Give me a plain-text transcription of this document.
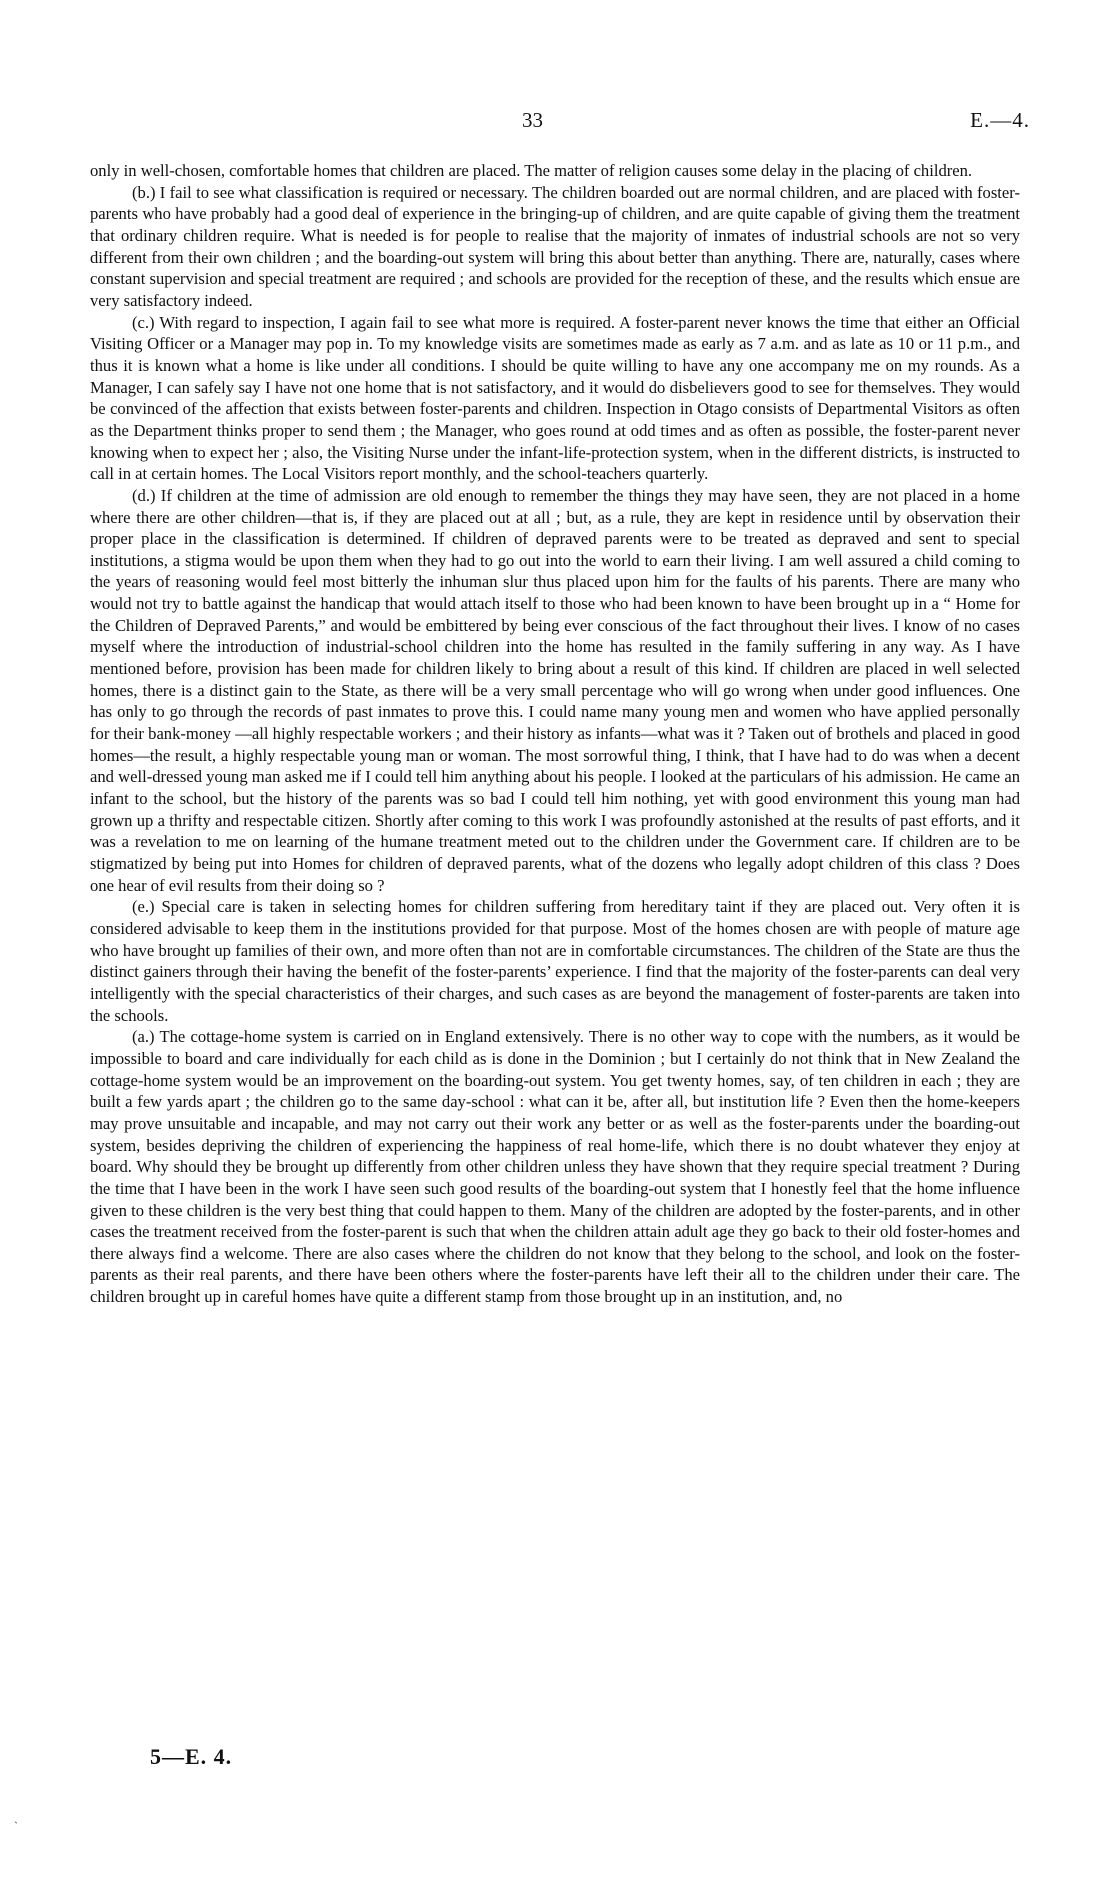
33	E.—4.

only in well-chosen, comfortable homes that children are placed. The matter of religion causes some delay in the placing of children.

(b.) I fail to see what classification is required or necessary. The children boarded out are normal children, and are placed with foster-parents who have probably had a good deal of experience in the bringing-up of children, and are quite capable of giving them the treatment that ordinary children require. What is needed is for people to realise that the majority of inmates of industrial schools are not so very different from their own children ; and the boarding-out system will bring this about better than anything. There are, naturally, cases where constant supervision and special treatment are required ; and schools are provided for the reception of these, and the results which ensue are very satisfactory indeed.

(c.) With regard to inspection, I again fail to see what more is required. A foster-parent never knows the time that either an Official Visiting Officer or a Manager may pop in. To my knowledge visits are sometimes made as early as 7 a.m. and as late as 10 or 11 p.m., and thus it is known what a home is like under all conditions. I should be quite willing to have any one accompany me on my rounds. As a Manager, I can safely say I have not one home that is not satisfactory, and it would do disbelievers good to see for themselves. They would be convinced of the affection that exists between foster-parents and children. Inspection in Otago consists of Departmental Visitors as often as the Department thinks proper to send them ; the Manager, who goes round at odd times and as often as possible, the foster-parent never knowing when to expect her ; also, the Visiting Nurse under the infant-life-protection system, when in the different districts, is instructed to call in at certain homes. The Local Visitors report monthly, and the school-teachers quarterly.

(d.) If children at the time of admission are old enough to remember the things they may have seen, they are not placed in a home where there are other children—that is, if they are placed out at all ; but, as a rule, they are kept in residence until by observation their proper place in the classification is determined. If children of depraved parents were to be treated as depraved and sent to special institutions, a stigma would be upon them when they had to go out into the world to earn their living. I am well assured a child coming to the years of reasoning would feel most bitterly the inhuman slur thus placed upon him for the faults of his parents. There are many who would not try to battle against the handicap that would attach itself to those who had been known to have been brought up in a “ Home for the Children of Depraved Parents,” and would be embittered by being ever conscious of the fact throughout their lives. I know of no cases myself where the introduction of industrial-school children into the home has resulted in the family suffering in any way. As I have mentioned before, provision has been made for children likely to bring about a result of this kind. If children are placed in well selected homes, there is a distinct gain to the State, as there will be a very small percentage who will go wrong when under good influences. One has only to go through the records of past inmates to prove this. I could name many young men and women who have applied personally for their bank-money —all highly respectable workers ; and their history as infants—what was it ? Taken out of brothels and placed in good homes—the result, a highly respectable young man or woman. The most sorrowful thing, I think, that I have had to do was when a decent and well-dressed young man asked me if I could tell him anything about his people. I looked at the particulars of his admission. He came an infant to the school, but the history of the parents was so bad I could tell him nothing, yet with good environment this young man had grown up a thrifty and respectable citizen. Shortly after coming to this work I was profoundly astonished at the results of past efforts, and it was a revelation to me on learning of the humane treatment meted out to the children under the Government care. If children are to be stigmatized by being put into Homes for children of depraved parents, what of the dozens who legally adopt children of this class ? Does one hear of evil results from their doing so ?

(e.) Special care is taken in selecting homes for children suffering from hereditary taint if they are placed out. Very often it is considered advisable to keep them in the institutions provided for that purpose. Most of the homes chosen are with people of mature age who have brought up families of their own, and more often than not are in comfortable circumstances. The children of the State are thus the distinct gainers through their having the benefit of the foster-parents’ experience. I find that the majority of the foster-parents can deal very intelligently with the special characteristics of their charges, and such cases as are beyond the management of foster-parents are taken into the schools.

(a.) The cottage-home system is carried on in England extensively. There is no other way to cope with the numbers, as it would be impossible to board and care individually for each child as is done in the Dominion ; but I certainly do not think that in New Zealand the cottage-home system would be an improvement on the boarding-out system. You get twenty homes, say, of ten children in each ; they are built a few yards apart ; the children go to the same day-school : what can it be, after all, but institution life ? Even then the home-keepers may prove unsuitable and incapable, and may not carry out their work any better or as well as the foster-parents under the boarding-out system, besides depriving the children of experiencing the happiness of real home-life, which there is no doubt whatever they enjoy at board. Why should they be brought up differently from other children unless they have shown that they require special treatment ? During the time that I have been in the work I have seen such good results of the boarding-out system that I honestly feel that the home influence given to these children is the very best thing that could happen to them. Many of the children are adopted by the foster-parents, and in other cases the treatment received from the foster-parent is such that when the children attain adult age they go back to their old foster-homes and there always find a welcome. There are also cases where the children do not know that they belong to the school, and look on the foster-parents as their real parents, and there have been others where the foster-parents have left their all to the children under their care. The children brought up in careful homes have quite a different stamp from those brought up in an institution, and, no

5—E. 4.
`
